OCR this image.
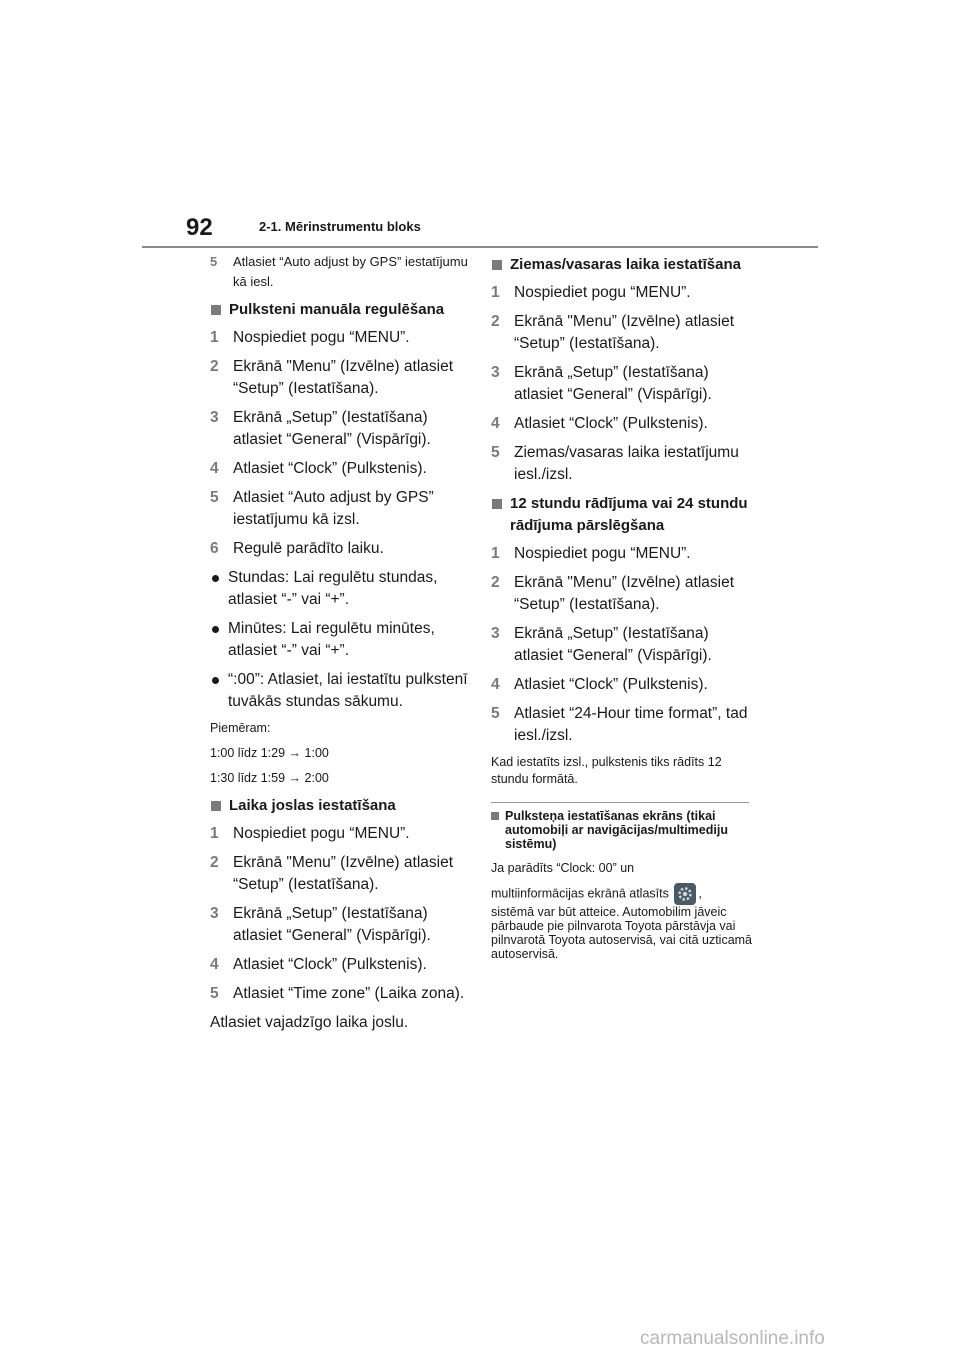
92	2-1. Mērinstrumentu bloks
5 Atlasiet “Auto adjust by GPS” iestatījumu kā iesl.
Pulksteni manuāla regulēšana
1 Nospiediet pogu “MENU”.
2 Ekrānā "Menu” (Izvēlne) atlasiet “Setup” (Iestatīšana).
3 Ekrānā „Setup” (Iestatīšana) atlasiet “General” (Vispārīgi).
4 Atlasiet “Clock” (Pulkstenis).
5 Atlasiet “Auto adjust by GPS” iestatījumu kā izsl.
6 Regulē parādīto laiku.
Stundas: Lai regulētu stundas, atlasiet “-” vai “+”.
Minūtes: Lai regulētu minūtes, atlasiet “-” vai “+”.
“:00”: Atlasiet, lai iestatītu pulkstenī tuvākās stundas sākumu.
Piemēram:
1:00 līdz 1:29 → 1:00
1:30 līdz 1:59 → 2:00
Laika joslas iestatīšana
1 Nospiediet pogu “MENU”.
2 Ekrānā "Menu” (Izvēlne) atlasiet “Setup” (Iestatīšana).
3 Ekrānā „Setup” (Iestatīšana) atlasiet “General” (Vispārīgi).
4 Atlasiet “Clock” (Pulkstenis).
5 Atlasiet “Time zone” (Laika zona).
Atlasiet vajadzīgo laika joslu.
Ziemas/vasaras laika iestatīšana
1 Nospiediet pogu “MENU”.
2 Ekrānā "Menu” (Izvēlne) atlasiet “Setup” (Iestatīšana).
3 Ekrānā „Setup” (Iestatīšana) atlasiet “General” (Vispārīgi).
4 Atlasiet “Clock” (Pulkstenis).
5 Ziemas/vasaras laika iestatījumu iesl./izsl.
12 stundu rādījuma vai 24 stundu rādījuma pārslēgšana
1 Nospiediet pogu “MENU”.
2 Ekrānā "Menu” (Izvēlne) atlasiet “Setup” (Iestatīšana).
3 Ekrānā „Setup” (Iestatīšana) atlasiet “General” (Vispārīgi).
4 Atlasiet “Clock” (Pulkstenis).
5 Atlasiet “24-Hour time format”, tad iesl./izsl.
Kad iestatīts izsl., pulkstenis tiks rādīts 12 stundu formātā.
Pulksteņa iestatīšanas ekrāns (tikai automobiļi ar navigācijas/multimediju sistēmu)
Ja parādīts “Clock: 00” un
multiinformācijas ekrānā atlasīts ,
sistēmā var būt atteice. Automobilim jāveic pārbaude pie pilnvarota Toyota pārstāvja vai pilnvarotā Toyota autoservisā, vai citā uzticamā autoservisā.
carmanualsonline.info
